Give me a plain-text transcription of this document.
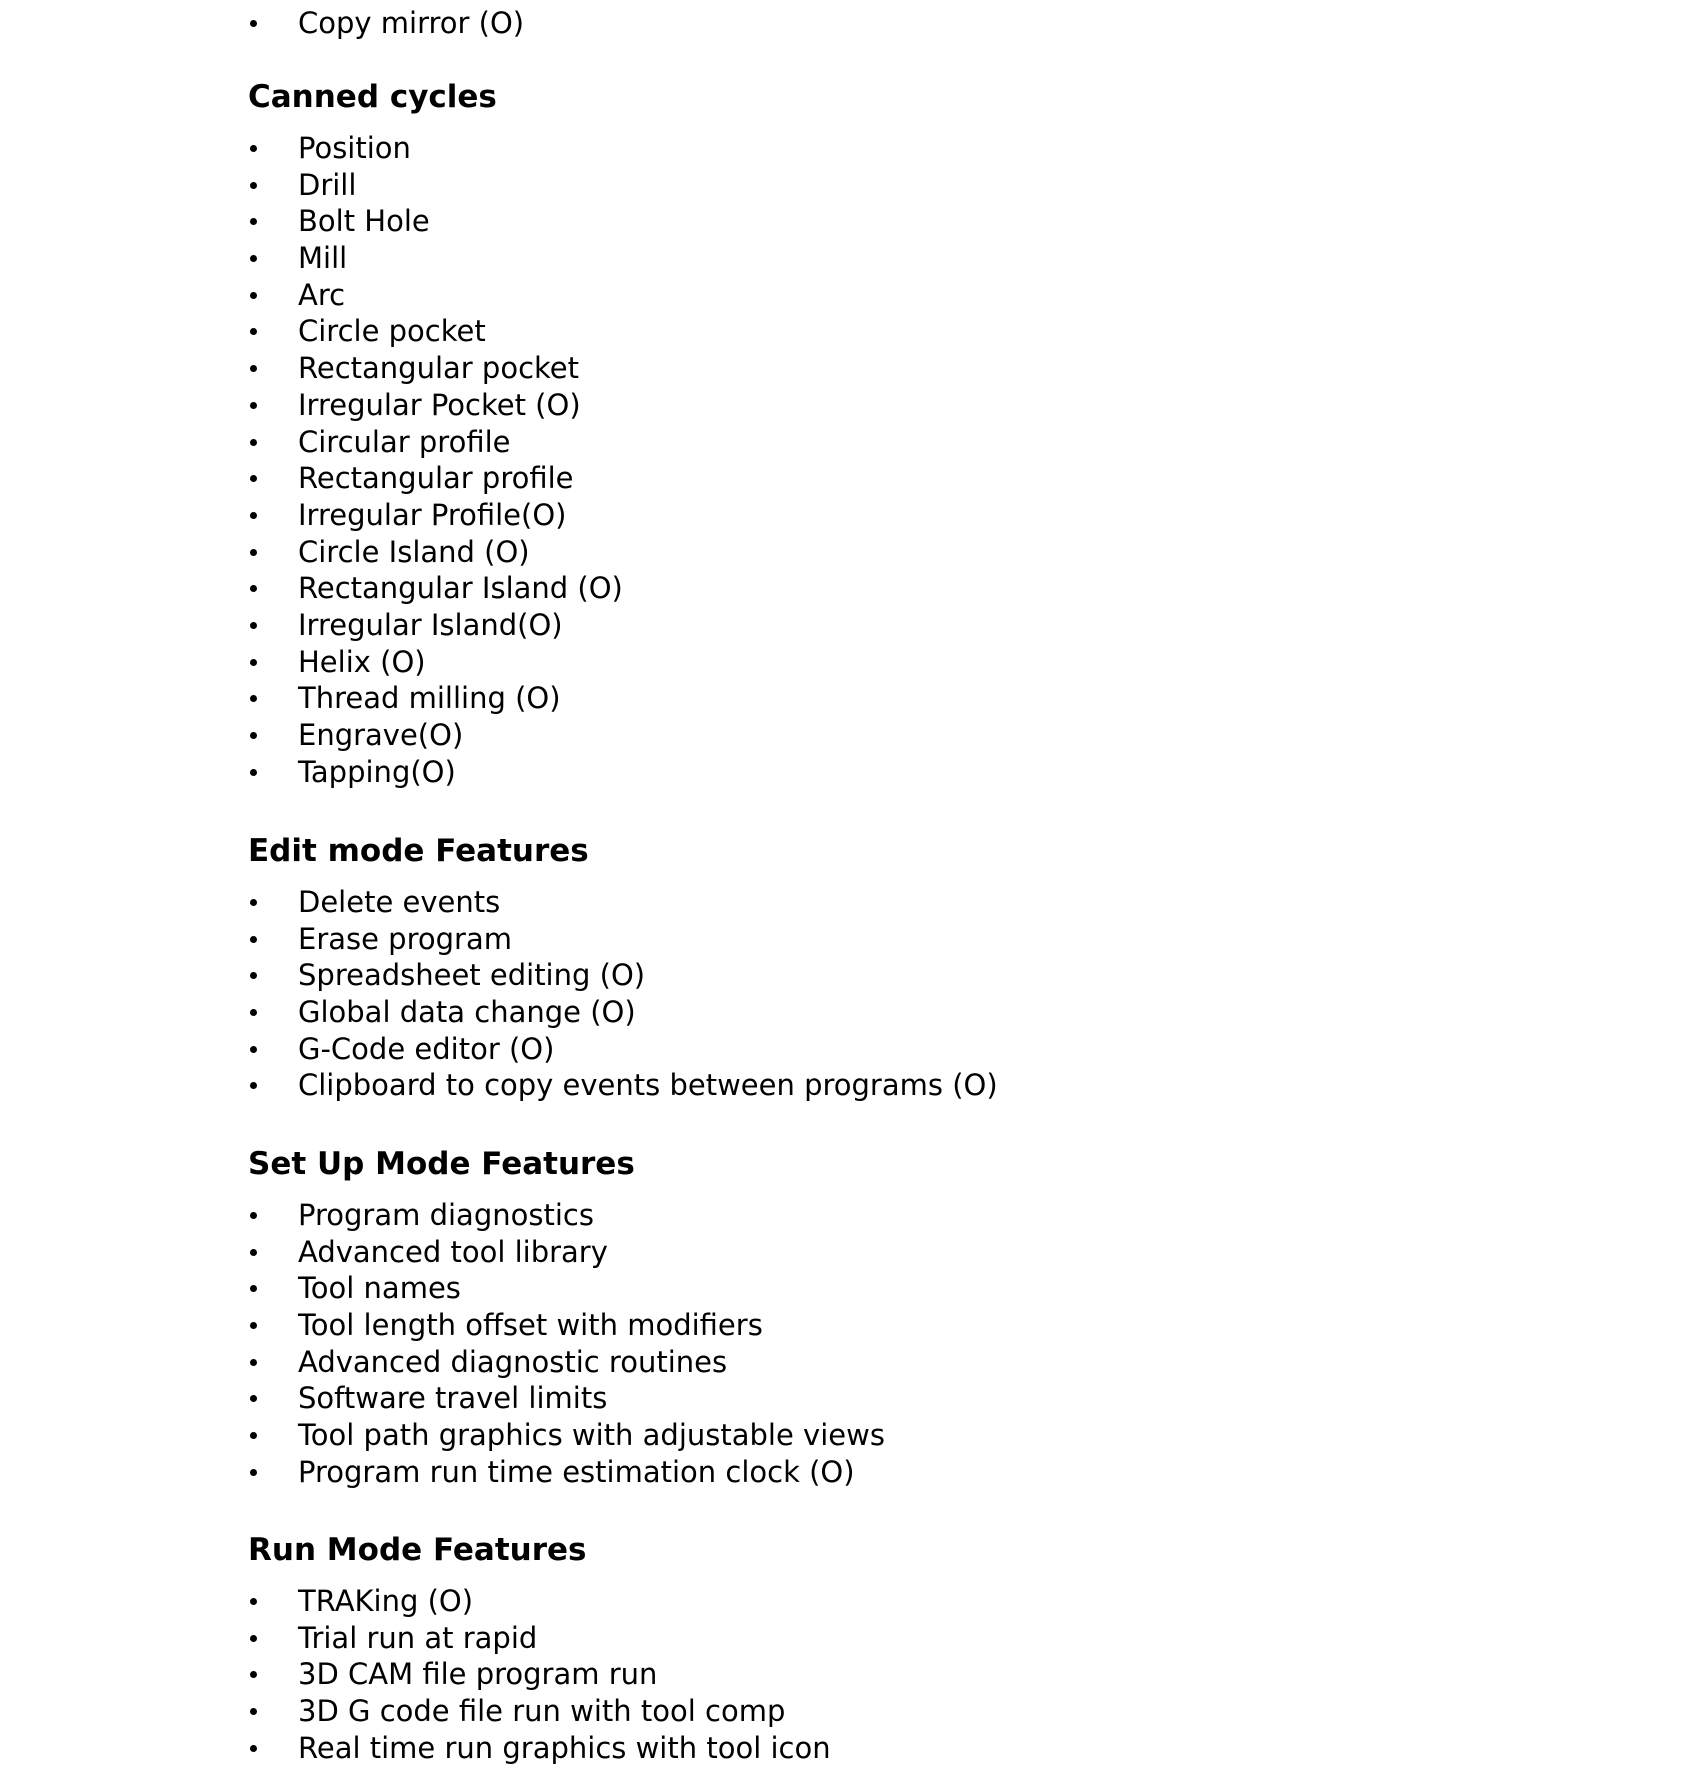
Copy mirror (O)
Canned cycles
Position
Drill
Bolt Hole
Mill
Arc
Circle pocket
Rectangular pocket
Irregular Pocket (O)
Circular profile
Rectangular profile
Irregular Profile(O)
Circle Island (O)
Rectangular Island (O)
Irregular Island(O)
Helix (O)
Thread milling (O)
Engrave(O)
Tapping(O)
Edit mode Features
Delete events
Erase program
Spreadsheet editing (O)
Global data change (O)
G-Code editor (O)
Clipboard to copy events between programs (O)
Set Up Mode Features
Program diagnostics
Advanced tool library
Tool names
Tool length offset with modifiers
Advanced diagnostic routines
Software travel limits
Tool path graphics with adjustable views
Program run time estimation clock (O)
Run Mode Features
TRAKing (O)
Trial run at rapid
3D CAM file program run
3D G code file run with tool comp
Real time run graphics with tool icon
